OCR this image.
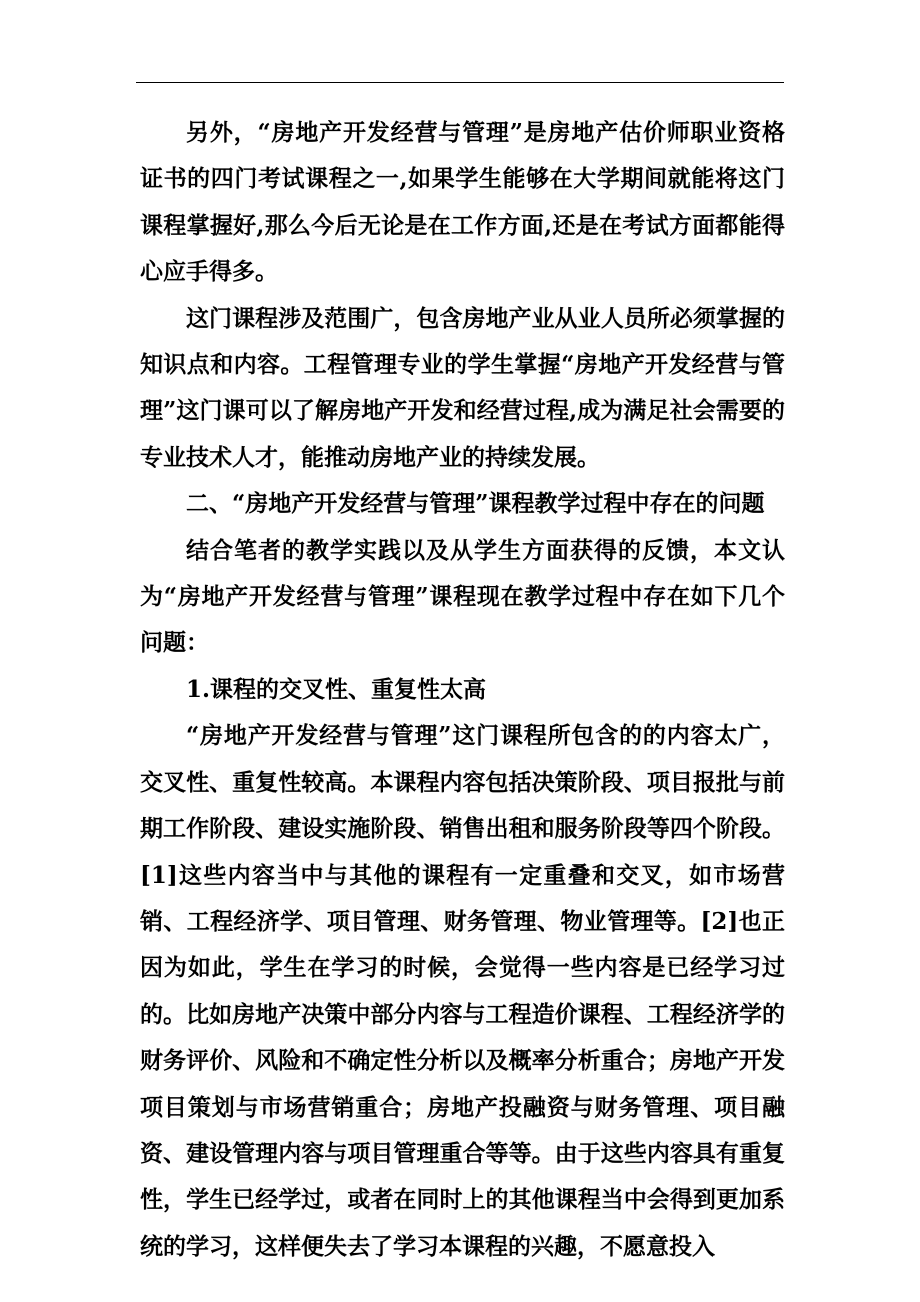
另外，“房地产开发经营与管理”是房地产估价师职业资格证书的四门考试课程之一,如果学生能够在大学期间就能将这门课程掌握好,那么今后无论是在工作方面,还是在考试方面都能得心应手得多。

这门课程涉及范围广，包含房地产业从业人员所必须掌握的知识点和内容。工程管理专业的学生掌握“房地产开发经营与管理”这门课可以了解房地产开发和经营过程,成为满足社会需要的专业技术人才，能推动房地产业的持续发展。

二、“房地产开发经营与管理”课程教学过程中存在的问题

结合笔者的教学实践以及从学生方面获得的反馈，本文认为“房地产开发经营与管理”课程现在教学过程中存在如下几个问题：

1.课程的交叉性、重复性太高

“房地产开发经营与管理”这门课程所包含的的内容太广，交叉性、重复性较高。本课程内容包括决策阶段、项目报批与前期工作阶段、建设实施阶段、销售出租和服务阶段等四个阶段。[1]这些内容当中与其他的课程有一定重叠和交叉，如市场营销、工程经济学、项目管理、财务管理、物业管理等。[2]也正因为如此，学生在学习的时候，会觉得一些内容是已经学习过的。比如房地产决策中部分内容与工程造价课程、工程经济学的财务评价、风险和不确定性分析以及概率分析重合；房地产开发项目策划与市场营销重合；房地产投融资与财务管理、项目融资、建设管理内容与项目管理重合等等。由于这些内容具有重复性，学生已经学过，或者在同时上的其他课程当中会得到更加系统的学习，这样便失去了学习本课程的兴趣，不愿意投入
